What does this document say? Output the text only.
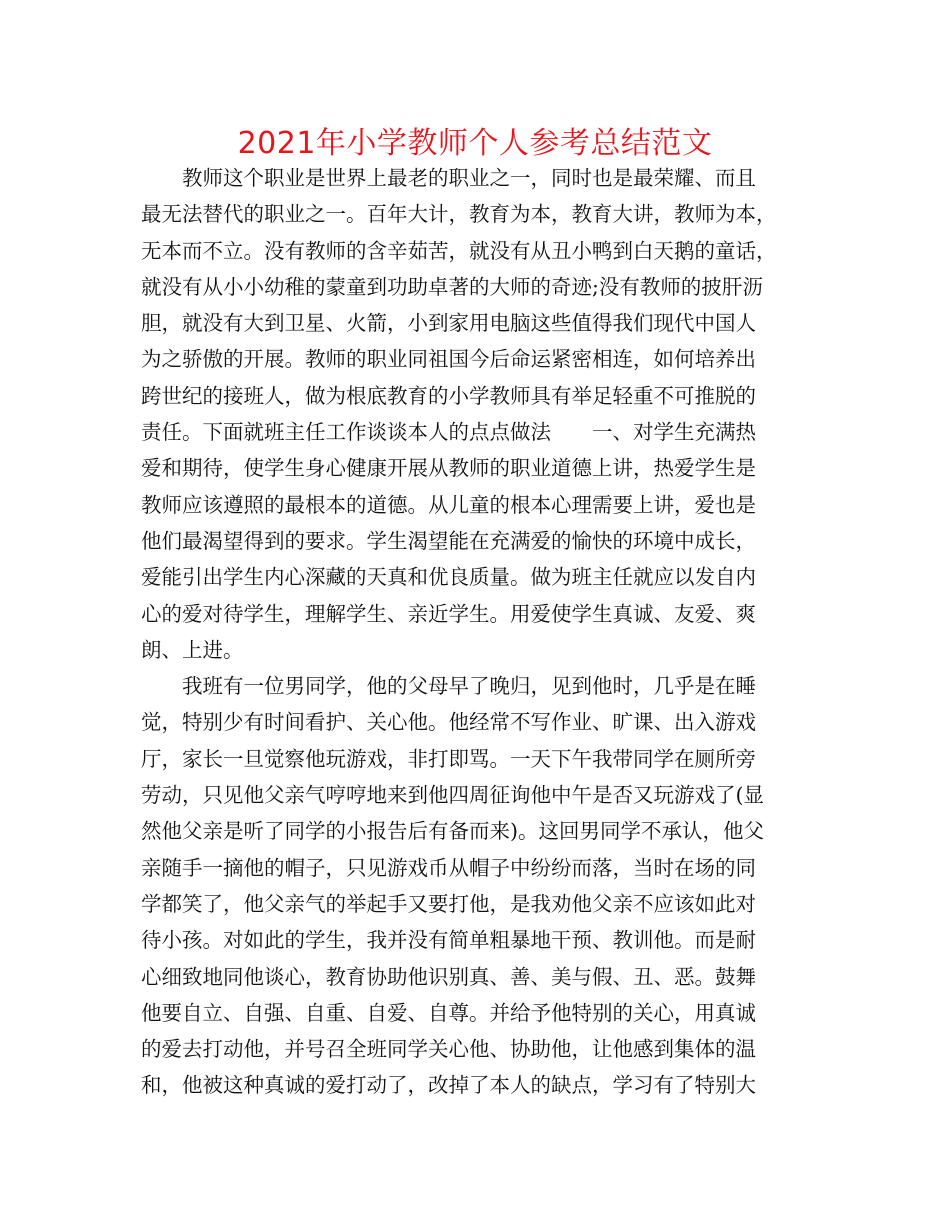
2021年小学教师个人参考总结范文
教师这个职业是世界上最老的职业之一，同时也是最荣耀、而且
最无法替代的职业之一。百年大计，教育为本，教育大讲，教师为本，
无本而不立。没有教师的含辛茹苦，就没有从丑小鸭到白天鹅的童话，
就没有从小小幼稚的蒙童到功助卓著的大师的奇迹;没有教师的披肝沥
胆，就没有大到卫星、火箭，小到家用电脑这些值得我们现代中国人
为之骄傲的开展。教师的职业同祖国今后命运紧密相连，如何培养出
跨世纪的接班人，做为根底教育的小学教师具有举足轻重不可推脱的
责任。下面就班主任工作谈谈本人的点点做法　　一、对学生充满热
爱和期待，使学生身心健康开展从教师的职业道德上讲，热爱学生是
教师应该遵照的最根本的道德。从儿童的根本心理需要上讲，爱也是
他们最渴望得到的要求。学生渴望能在充满爱的愉快的环境中成长，
爱能引出学生内心深藏的天真和优良质量。做为班主任就应以发自内
心的爱对待学生，理解学生、亲近学生。用爱使学生真诚、友爱、爽
朗、上进。
我班有一位男同学，他的父母早了晚归，见到他时，几乎是在睡
觉，特别少有时间看护、关心他。他经常不写作业、旷课、出入游戏
厅，家长一旦觉察他玩游戏，非打即骂。一天下午我带同学在厕所旁
劳动，只见他父亲气哼哼地来到他四周征询他中午是否又玩游戏了(显
然他父亲是听了同学的小报告后有备而来)。这回男同学不承认，他父
亲随手一摘他的帽子，只见游戏币从帽子中纷纷而落，当时在场的同
学都笑了，他父亲气的举起手又要打他，是我劝他父亲不应该如此对
待小孩。对如此的学生，我并没有简单粗暴地干预、教训他。而是耐
心细致地同他谈心，教育协助他识别真、善、美与假、丑、恶。鼓舞
他要自立、自强、自重、自爱、自尊。并给予他特别的关心，用真诚
的爱去打动他，并号召全班同学关心他、协助他，让他感到集体的温
和，他被这种真诚的爱打动了，改掉了本人的缺点，学习有了特别大
